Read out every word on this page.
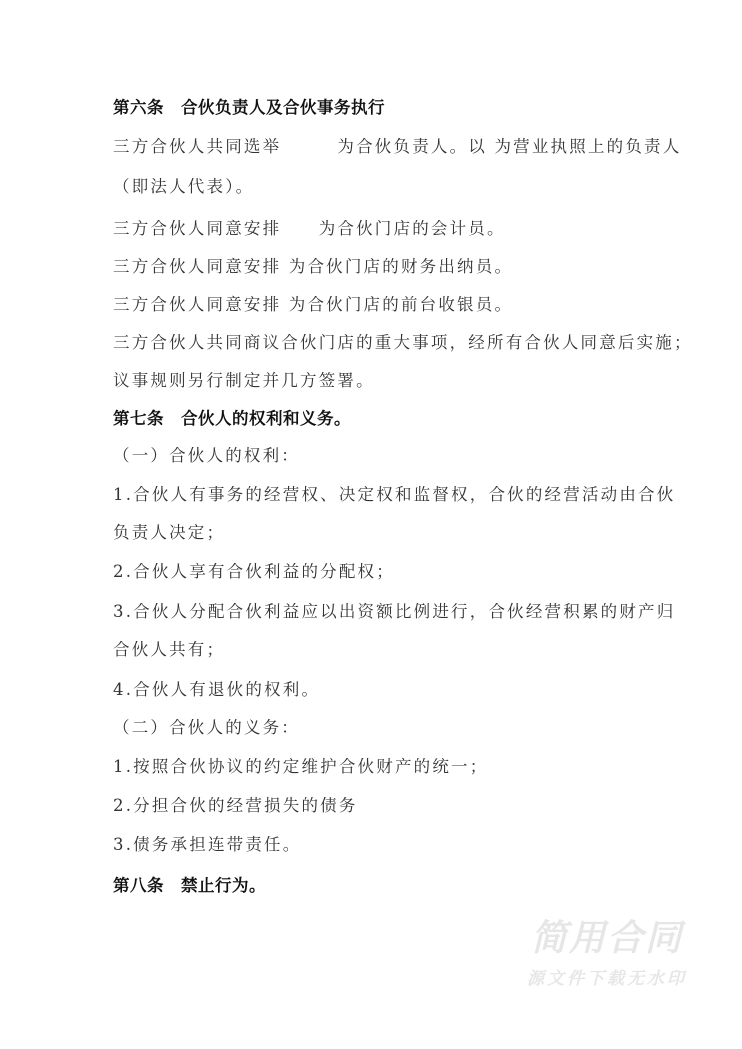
第六条　合伙负责人及合伙事务执行
三方合伙人共同选举　　　为合伙负责人。以 为营业执照上的负责人
（即法人代表）。
三方合伙人同意安排　　为合伙门店的会计员。
三方合伙人同意安排 为合伙门店的财务出纳员。
三方合伙人同意安排 为合伙门店的前台收银员。
三方合伙人共同商议合伙门店的重大事项，经所有合伙人同意后实施；
议事规则另行制定并几方签署。
第七条　合伙人的权利和义务。
（一）合伙人的权利：
1.合伙人有事务的经营权、决定权和监督权，合伙的经营活动由合伙
负责人决定；
2.合伙人享有合伙利益的分配权；
3.合伙人分配合伙利益应以出资额比例进行，合伙经营积累的财产归
合伙人共有；
4.合伙人有退伙的权利。
（二）合伙人的义务：
1.按照合伙协议的约定维护合伙财产的统一；
2.分担合伙的经营损失的债务
3.债务承担连带责任。
第八条　禁止行为。
简用合同
源文件下载无水印
